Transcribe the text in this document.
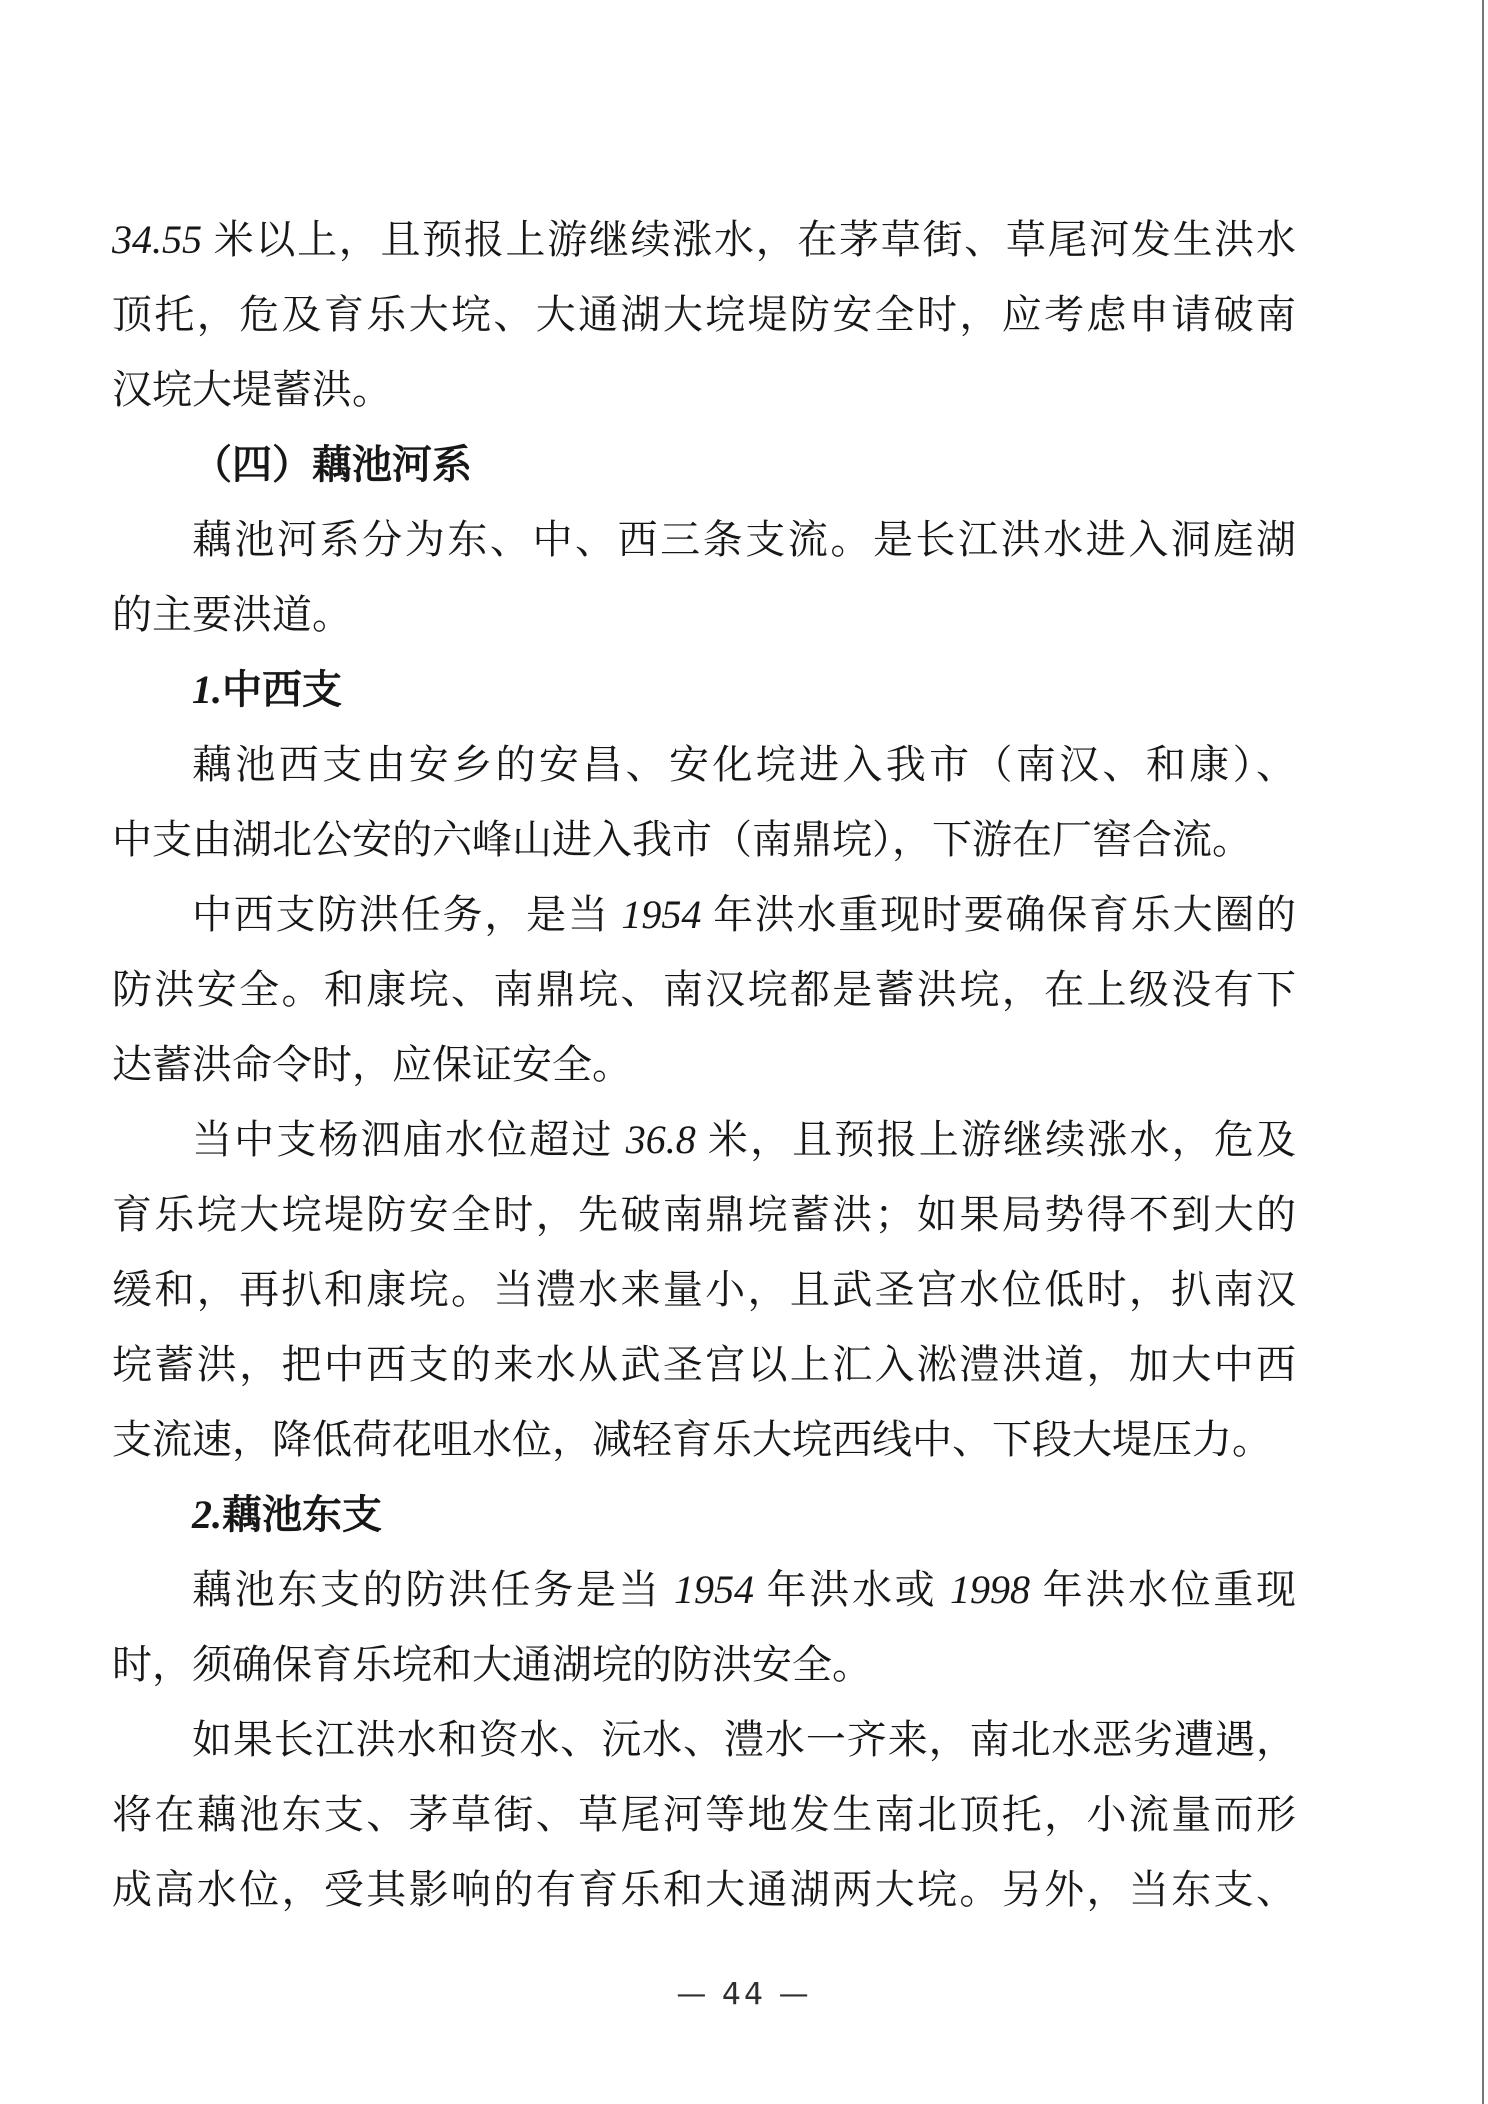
34.55 米以上，且预报上游继续涨水，在茅草街、草尾河发生洪水
顶托，危及育乐大垸、大通湖大垸堤防安全时，应考虑申请破南
汉垸大堤蓄洪。
（四）藕池河系
藕池河系分为东、中、西三条支流。是长江洪水进入洞庭湖
的主要洪道。
1.中西支
藕池西支由安乡的安昌、安化垸进入我市（南汉、和康）、
中支由湖北公安的六峰山进入我市（南鼎垸），下游在厂窖合流。
中西支防洪任务，是当 1954 年洪水重现时要确保育乐大圈的
防洪安全。和康垸、南鼎垸、南汉垸都是蓄洪垸，在上级没有下
达蓄洪命令时，应保证安全。
当中支杨泗庙水位超过 36.8 米，且预报上游继续涨水，危及
育乐垸大垸堤防安全时，先破南鼎垸蓄洪；如果局势得不到大的
缓和，再扒和康垸。当澧水来量小，且武圣宫水位低时，扒南汉
垸蓄洪，把中西支的来水从武圣宫以上汇入淞澧洪道，加大中西
支流速，降低荷花咀水位，减轻育乐大垸西线中、下段大堤压力。
2.藕池东支
藕池东支的防洪任务是当 1954 年洪水或 1998 年洪水位重现
时，须确保育乐垸和大通湖垸的防洪安全。
如果长江洪水和资水、沅水、澧水一齐来，南北水恶劣遭遇，
将在藕池东支、茅草街、草尾河等地发生南北顶托，小流量而形
成高水位，受其影响的有育乐和大通湖两大垸。另外，当东支、
— 44 —
